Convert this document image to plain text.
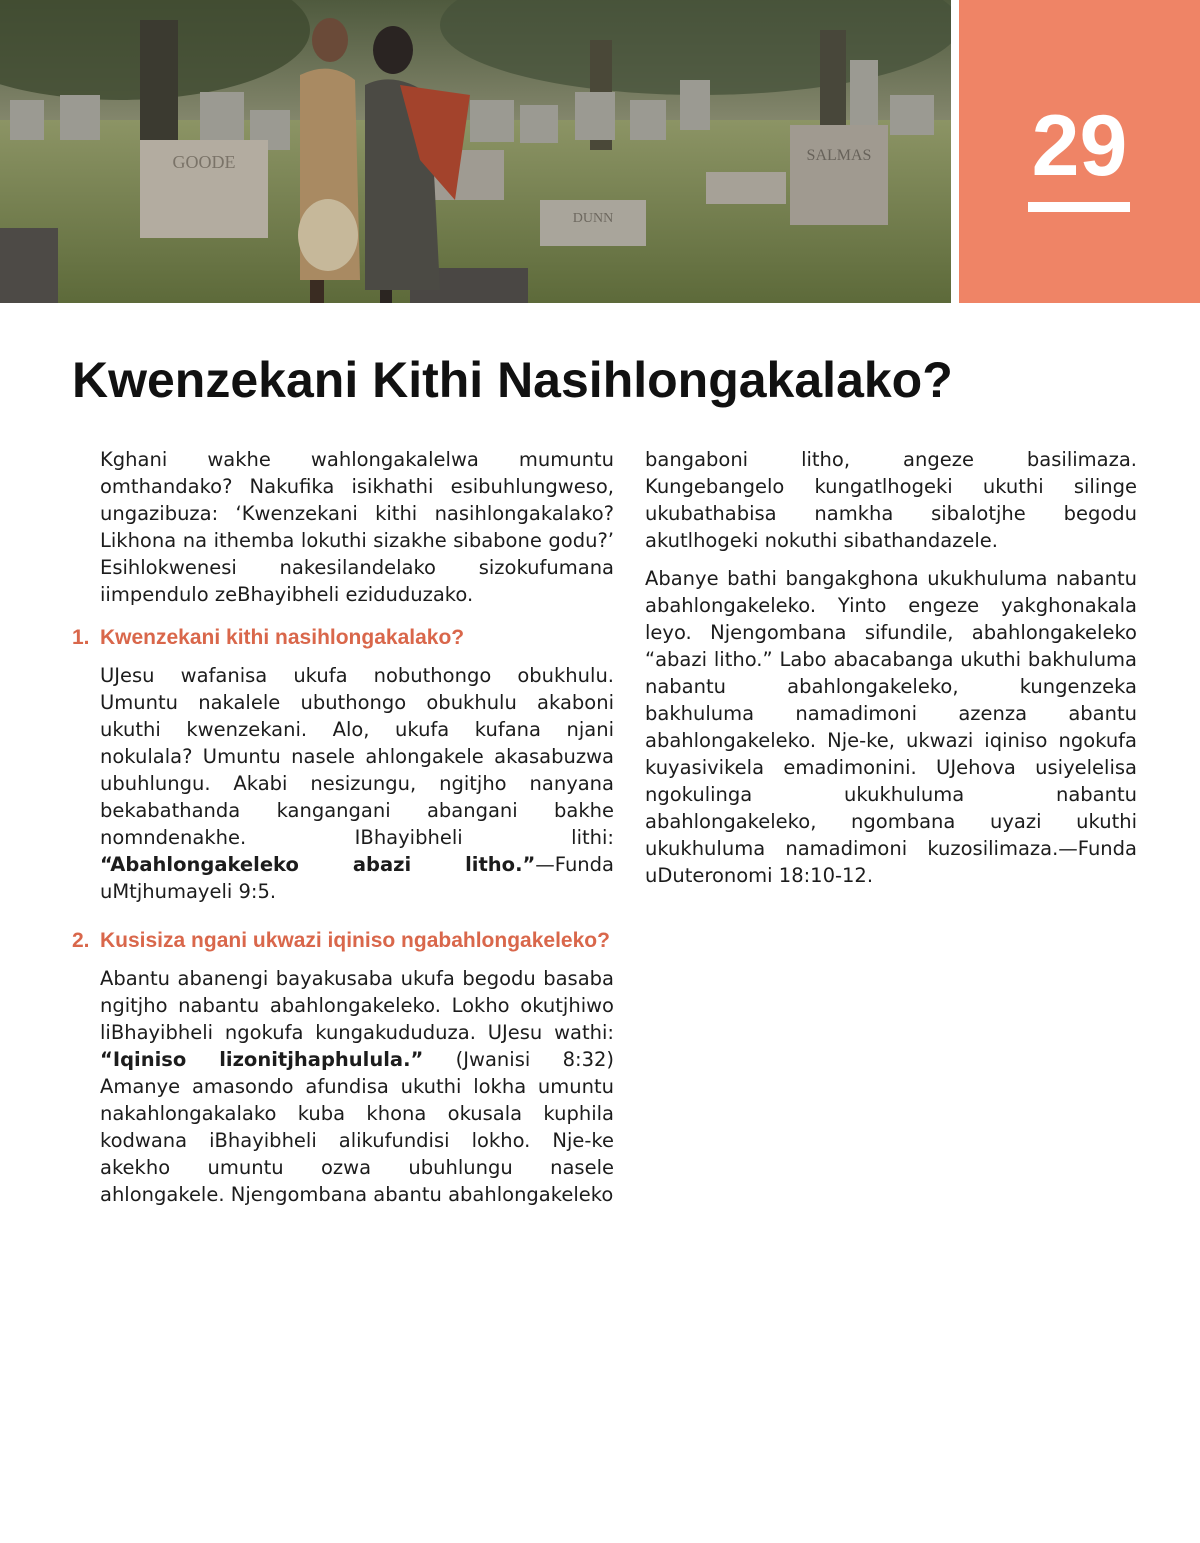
GOODE
DUNN
SALMAS	29
Kwenzekani Kithi Nasihlongakalako?

Kghani wakhe wahlongakalelwa mumuntu omthandako? Nakufika isikhathi esibuhlungweso, ungazibuza: ‘Kwenzekani kithi nasihlongakalako? Likhona na ithemba lokuthi sizakhe sibabone godu?’ Esihlokwenesi nakesilandelako sizokufumana iimpendulo zeBhayibheli eziduduzako.

1. Kwenzekani kithi nasihlongakalako?

UJesu wafanisa ukufa nobuthongo obukhulu. Umuntu nakalele ubuthongo obukhulu akaboni ukuthi kwenzekani. Alo, ukufa kufana njani nokulala? Umuntu nasele ahlongakele akasabuzwa ubuhlungu. Akabi nesizungu, ngitjho nanyana bekabathanda kangangani abangani bakhe nomndenakhe. IBhayibheli lithi: “Abahlongakeleko abazi litho.”—Funda uMtjhumayeli 9:5.

2. Kusisiza ngani ukwazi iqiniso ngabahlongakeleko?

Abantu abanengi bayakusaba ukufa begodu basaba ngitjho nabantu abahlongakeleko. Lokho okutjhiwo liBhayibheli ngokufa kungakududuza. UJesu wathi: “Iqiniso lizonitjhaphulula.” (Jwanisi 8:32) Amanye amasondo afundisa ukuthi lokha umuntu nakahlongakalako kuba khona okusala kuphila kodwana iBhayibheli alikufundisi lokho. Nje-ke akekho umuntu ozwa ubuhlungu nasele ahlongakele. Njengombana abantu abahlongakeleko

bangaboni litho, angeze basilimaza. Kungebangelo kungatlhogeki ukuthi silinge ukubathabisa namkha sibalotjhe begodu akutlhogeki nokuthi sibathandazele.

Abanye bathi bangakghona ukukhuluma nabantu abahlongakeleko. Yinto engeze yakghonakala leyo. Njengombana sifundile, abahlongakeleko “abazi litho.” Labo abacabanga ukuthi bakhuluma nabantu abahlongakeleko, kungenzeka bakhuluma namadimoni azenza abantu abahlongakeleko. Nje-ke, ukwazi iqiniso ngokufa kuyasivikela emadimonini. UJehova usiyelelisa ngokulinga ukukhuluma nabantu abahlongakeleko, ngombana uyazi ukuthi ukukhuluma namadimoni kuzosilimaza.—Funda uDuteronomi 18:10-12.
